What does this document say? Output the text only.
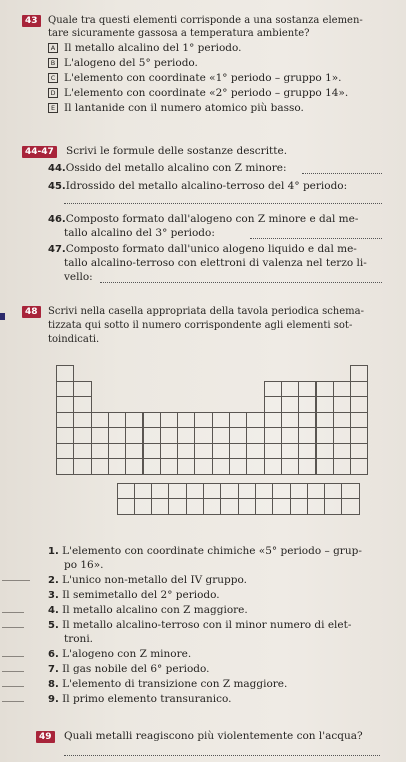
43	Quale tra questi elementi corrisponde a una sostanza elemen-
tare sicuramente gassosa a temperatura ambiente?
A Il metallo alcalino del 1° periodo.
B L'alogeno del 5° periodo.
C L'elemento con coordinate «1° periodo – gruppo 1».
D L'elemento con coordinate «2° periodo – gruppo 14».
E Il lantanide con il numero atomico più basso.
44-47 Scrivi le formule delle sostanze descritte.
44.Ossido del metallo alcalino con Z minore:
45.Idrossido del metallo alcalino-terroso del 4° periodo:
46.Composto formato dall'alogeno con Z minore e dal me-
tallo alcalino del 3° periodo:
47.Composto formato dall'unico alogeno liquido e dal me-
tallo alcalino-terroso con elettroni di valenza nel terzo li-
vello:
48	Scrivi nella casella appropriata della tavola periodica schema-
tizzata qui sotto il numero corrispondente agli elementi sot-
toindicati.
1. L'elemento con coordinate chimiche «5° periodo – grup-
po 16».
2. L'unico non-metallo del IV gruppo.
3. Il semimetallo del 2° periodo.
4. Il metallo alcalino con Z maggiore.
5. Il metallo alcalino-terroso con il minor numero di elet-
troni.
6. L'alogeno con Z minore.
7. Il gas nobile del 6° periodo.
8. L'elemento di transizione con Z maggiore.
9. Il primo elemento transuranico.
49 Quali metalli reagiscono più violentemente con l'acqua?
